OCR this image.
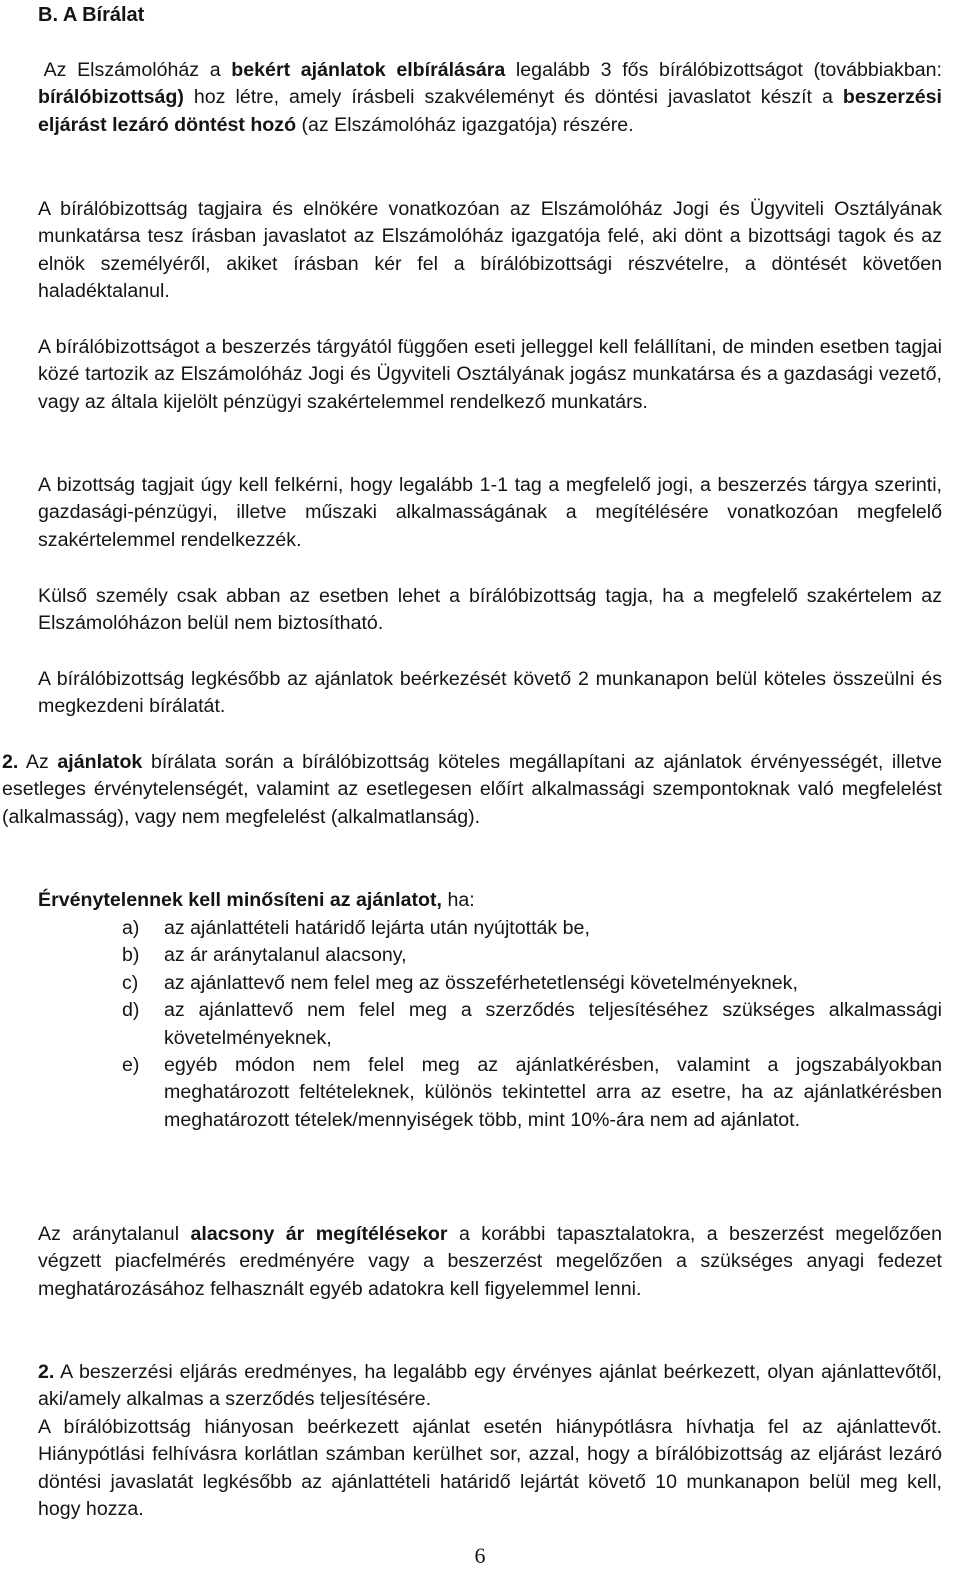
B. A Bírálat

Az Elszámolóház a bekért ajánlatok elbírálására legalább 3 fős bírálóbizottságot (továbbiakban: bírálóbizottság) hoz létre, amely írásbeli szakvéleményt és döntési javaslatot készít a beszerzési eljárást lezáró döntést hozó (az Elszámolóház igazgatója) részére.

A bírálóbizottság tagjaira és elnökére vonatkozóan az Elszámolóház Jogi és Ügyviteli Osztályának munkatársa tesz írásban javaslatot az Elszámolóház igazgatója felé, aki dönt a bizottsági tagok és az elnök személyéről, akiket írásban kér fel a bírálóbizottsági részvételre, a döntését követően haladéktalanul.

A bírálóbizottságot a beszerzés tárgyától függően eseti jelleggel kell felállítani, de minden esetben tagjai közé tartozik az Elszámolóház Jogi és Ügyviteli Osztályának jogász munkatársa és a gazdasági vezető, vagy az általa kijelölt pénzügyi szakértelemmel rendelkező munkatárs.

A bizottság tagjait úgy kell felkérni, hogy legalább 1-1 tag a megfelelő jogi, a beszerzés tárgya szerinti, gazdasági-pénzügyi, illetve műszaki alkalmasságának a megítélésére vonatkozóan megfelelő szakértelemmel rendelkezzék.

Külső személy csak abban az esetben lehet a bírálóbizottság tagja, ha a megfelelő szakértelem az Elszámolóházon belül nem biztosítható.

A bírálóbizottság legkésőbb az ajánlatok beérkezését követő 2 munkanapon belül köteles összeülni és megkezdeni bírálatát.

2. Az ajánlatok bírálata során a bírálóbizottság köteles megállapítani az ajánlatok érvényességét, illetve esetleges érvénytelenségét, valamint az esetlegesen előírt alkalmassági szempontoknak való megfelelést (alkalmasság), vagy nem megfelelést (alkalmatlanság).

Érvénytelennek kell minősíteni az ajánlatot, ha:

a) az ajánlattételi határidő lejárta után nyújtották be,
b) az ár aránytalanul alacsony,
c) az ajánlattevő nem felel meg az összeférhetetlenségi követelményeknek,
d) az ajánlattevő nem felel meg a szerződés teljesítéséhez szükséges alkalmassági követelményeknek,
e) egyéb módon nem felel meg az ajánlatkérésben, valamint a jogszabályokban meghatározott feltételeknek, különös tekintettel arra az esetre, ha az ajánlatkérésben meghatározott tételek/mennyiségek több, mint 10%-ára nem ad ajánlatot.

Az aránytalanul alacsony ár megítélésekor a korábbi tapasztalatokra, a beszerzést megelőzően végzett piacfelmérés eredményére vagy a beszerzést megelőzően a szükséges anyagi fedezet meghatározásához felhasznált egyéb adatokra kell figyelemmel lenni.

2. A beszerzési eljárás eredményes, ha legalább egy érvényes ajánlat beérkezett, olyan ajánlattevőtől, aki/amely alkalmas a szerződés teljesítésére.
A bírálóbizottság hiányosan beérkezett ajánlat esetén hiánypótlásra hívhatja fel az ajánlattevőt. Hiánypótlási felhívásra korlátlan számban kerülhet sor, azzal, hogy a bírálóbizottság az eljárást lezáró döntési javaslatát legkésőbb az ajánlattételi határidő lejártát követő 10 munkanapon belül meg kell, hogy hozza.

6
